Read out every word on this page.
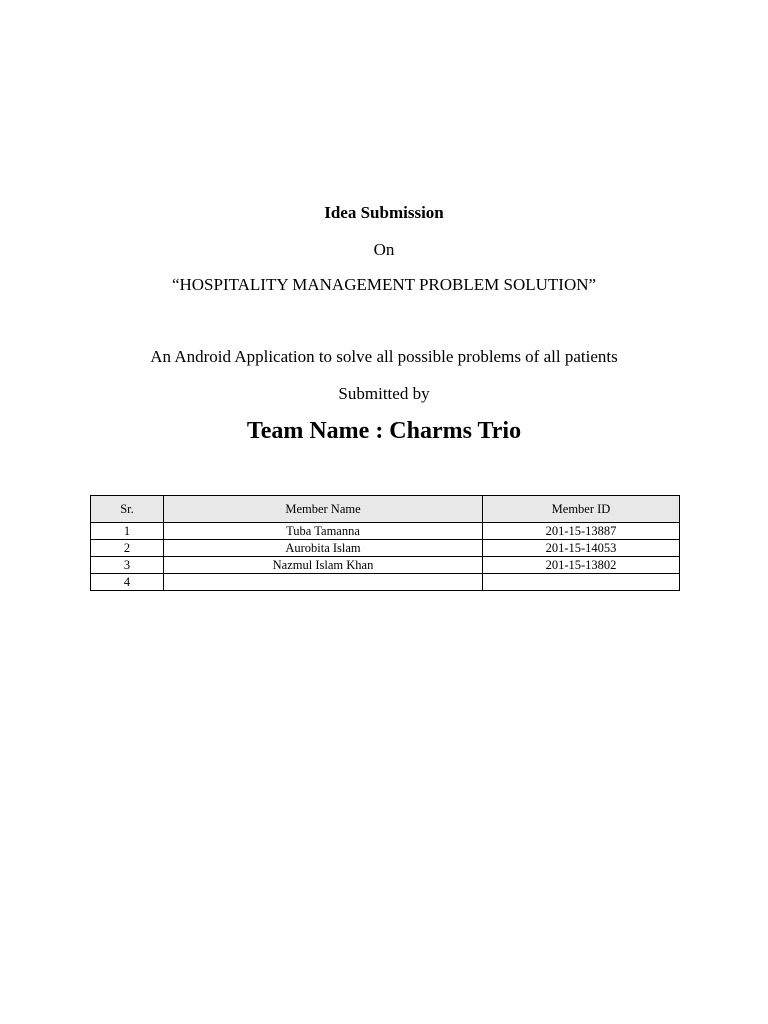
Idea Submission
On
“HOSPITALITY MANAGEMENT PROBLEM SOLUTION”
An Android Application to solve all possible problems of all patients
Submitted by
Team Name : Charms Trio
Sr.	Member Name	Member ID
1	Tuba Tamanna	201-15-13887
2	Aurobita Islam	201-15-14053
3	Nazmul Islam Khan	201-15-13802
4		
